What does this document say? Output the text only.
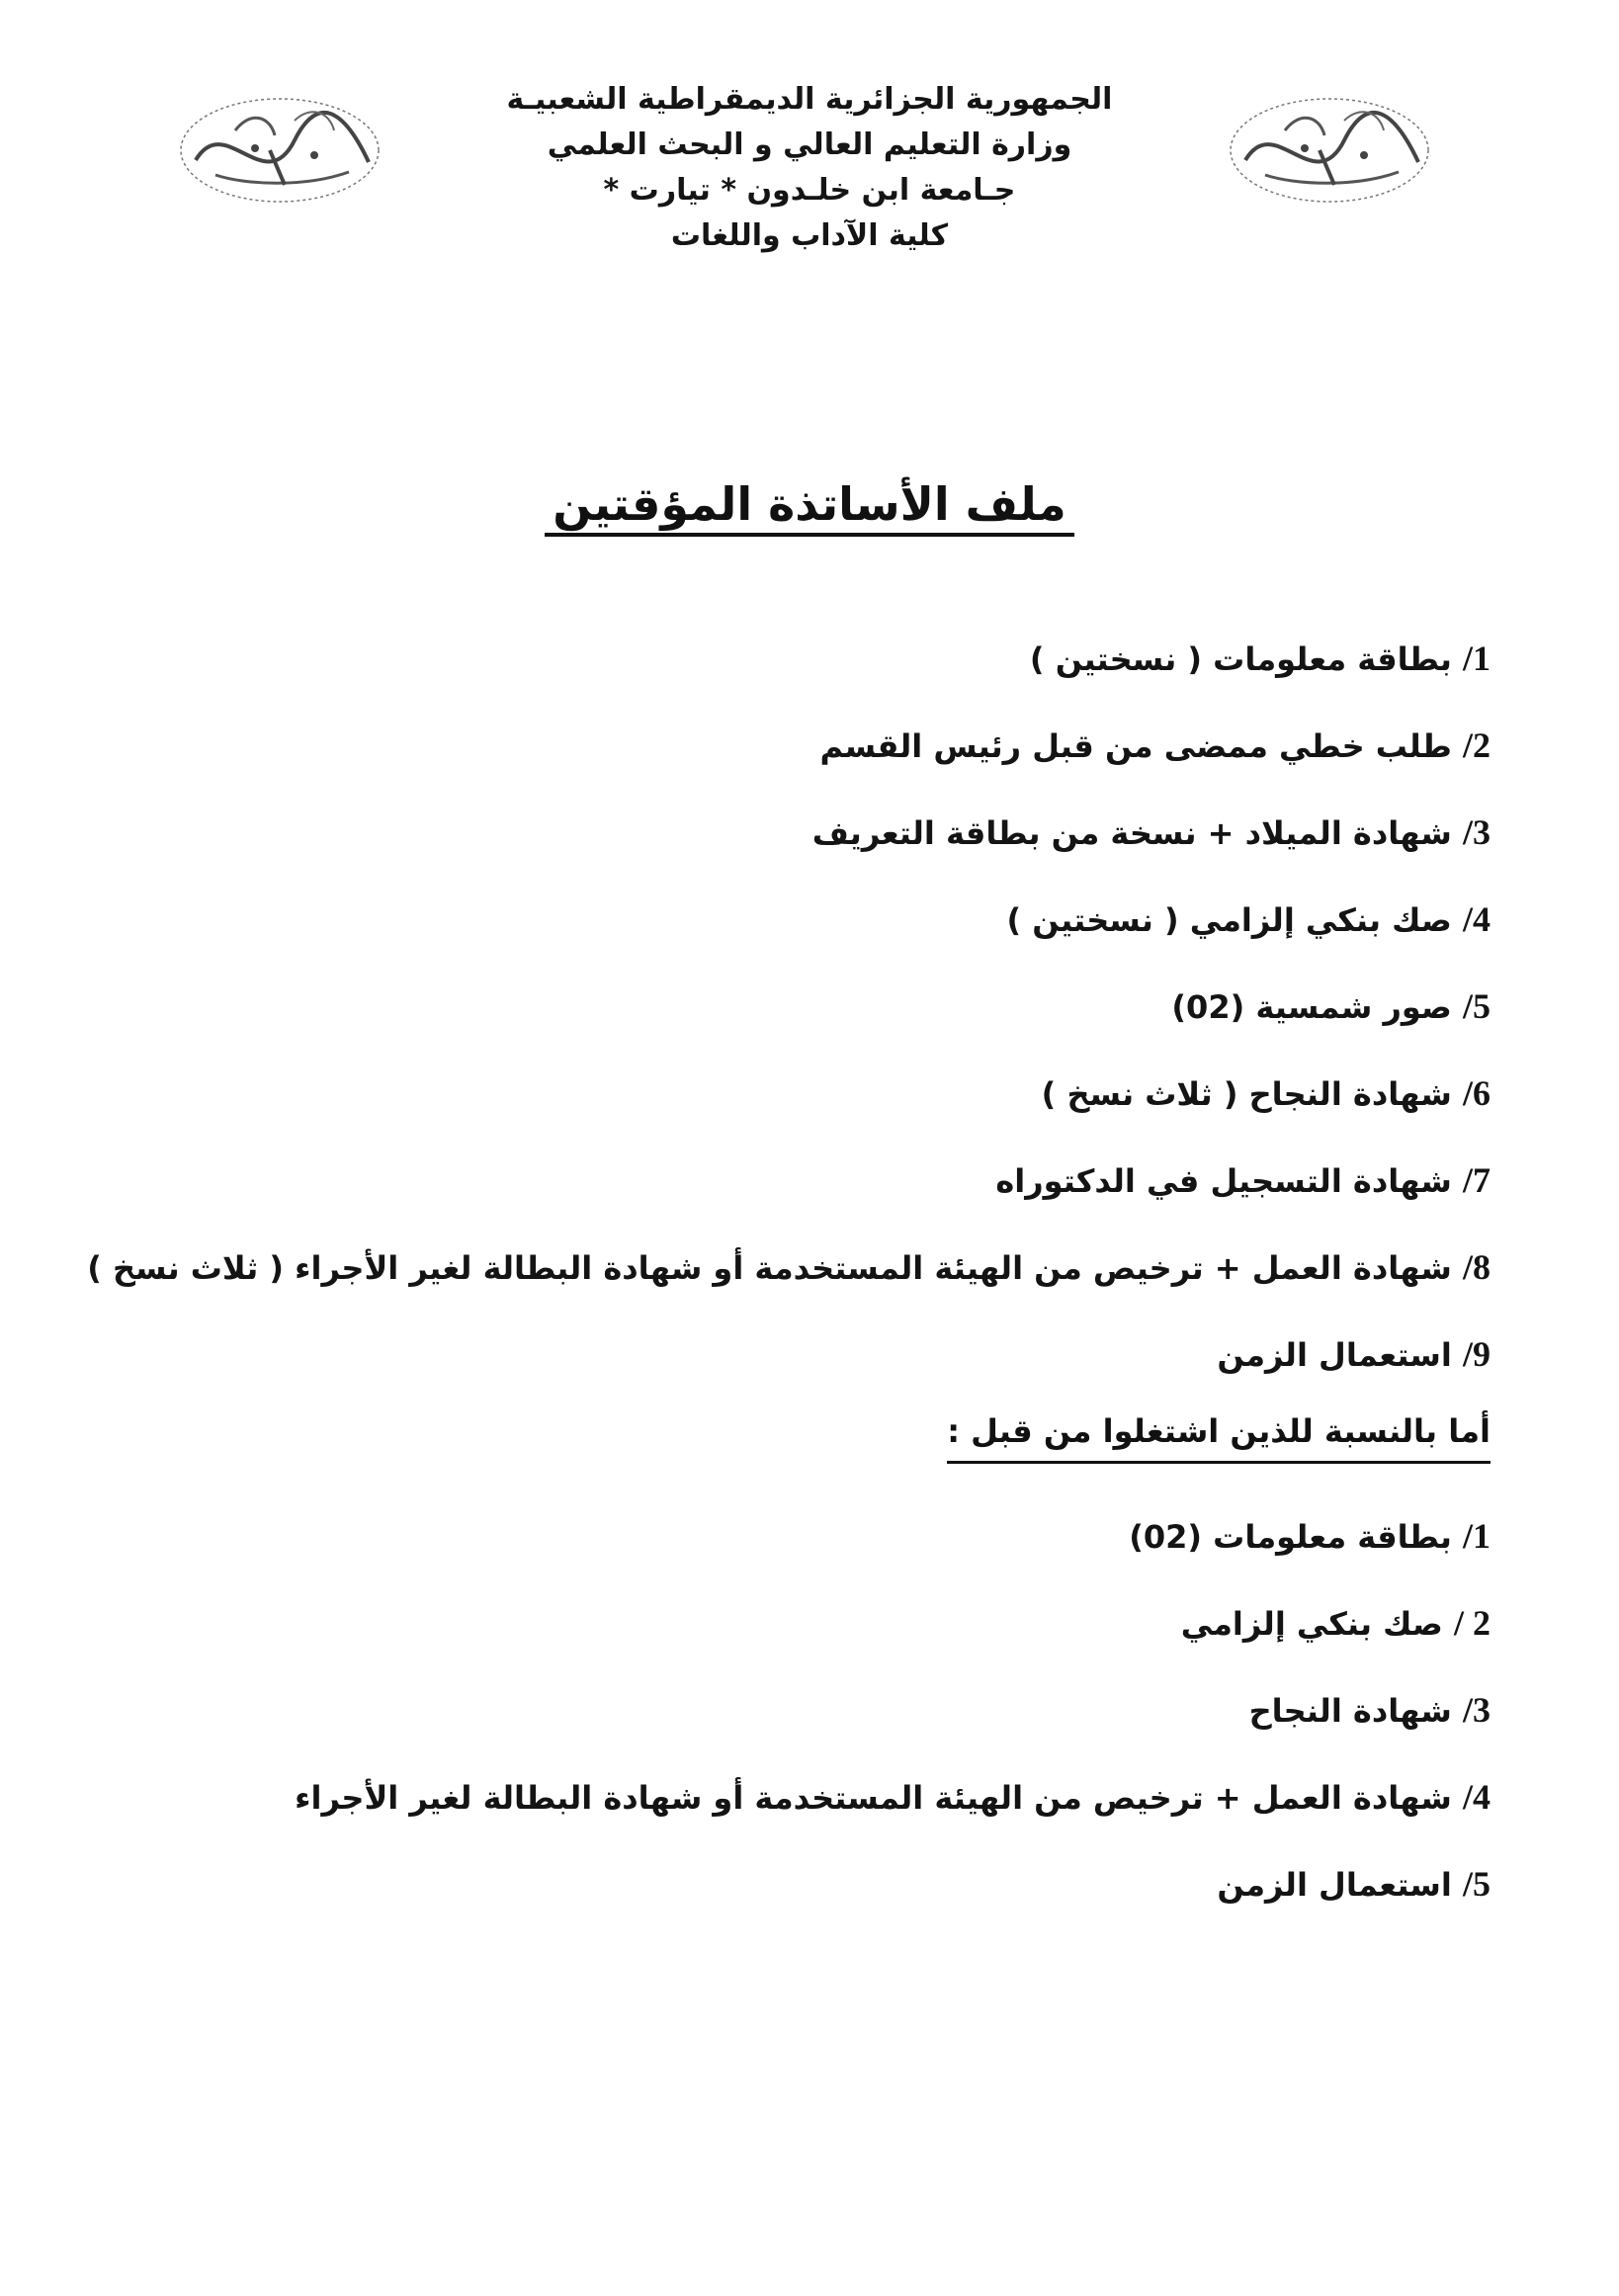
الجمهورية الجزائرية الديمقراطية الشعبيـة
وزارة التعليم العالي و البحث العلمي
جـامعة ابن خلـدون * تيارت *
كلية الآداب واللغات
ملف الأساتذة المؤقتين
1/ بطاقة معلومات ( نسختين )
2/ طلب خطي ممضى من قبل رئيس القسم
3/ شهادة الميلاد + نسخة من بطاقة التعريف
4/ صك بنكي إلزامي ( نسختين )
5/ صور شمسية (02)
6/ شهادة النجاح ( ثلاث نسخ )
7/ شهادة التسجيل في الدكتوراه
8/ شهادة العمل + ترخيص من الهيئة المستخدمة أو شهادة البطالة لغير الأجراء ( ثلاث نسخ )
9/ استعمال الزمن
أما بالنسبة للذين اشتغلوا من قبل :
1/ بطاقة معلومات (02)
2 / صك بنكي إلزامي
3/ شهادة النجاح
4/ شهادة العمل + ترخيص من الهيئة المستخدمة أو شهادة البطالة لغير الأجراء
5/ استعمال الزمن
